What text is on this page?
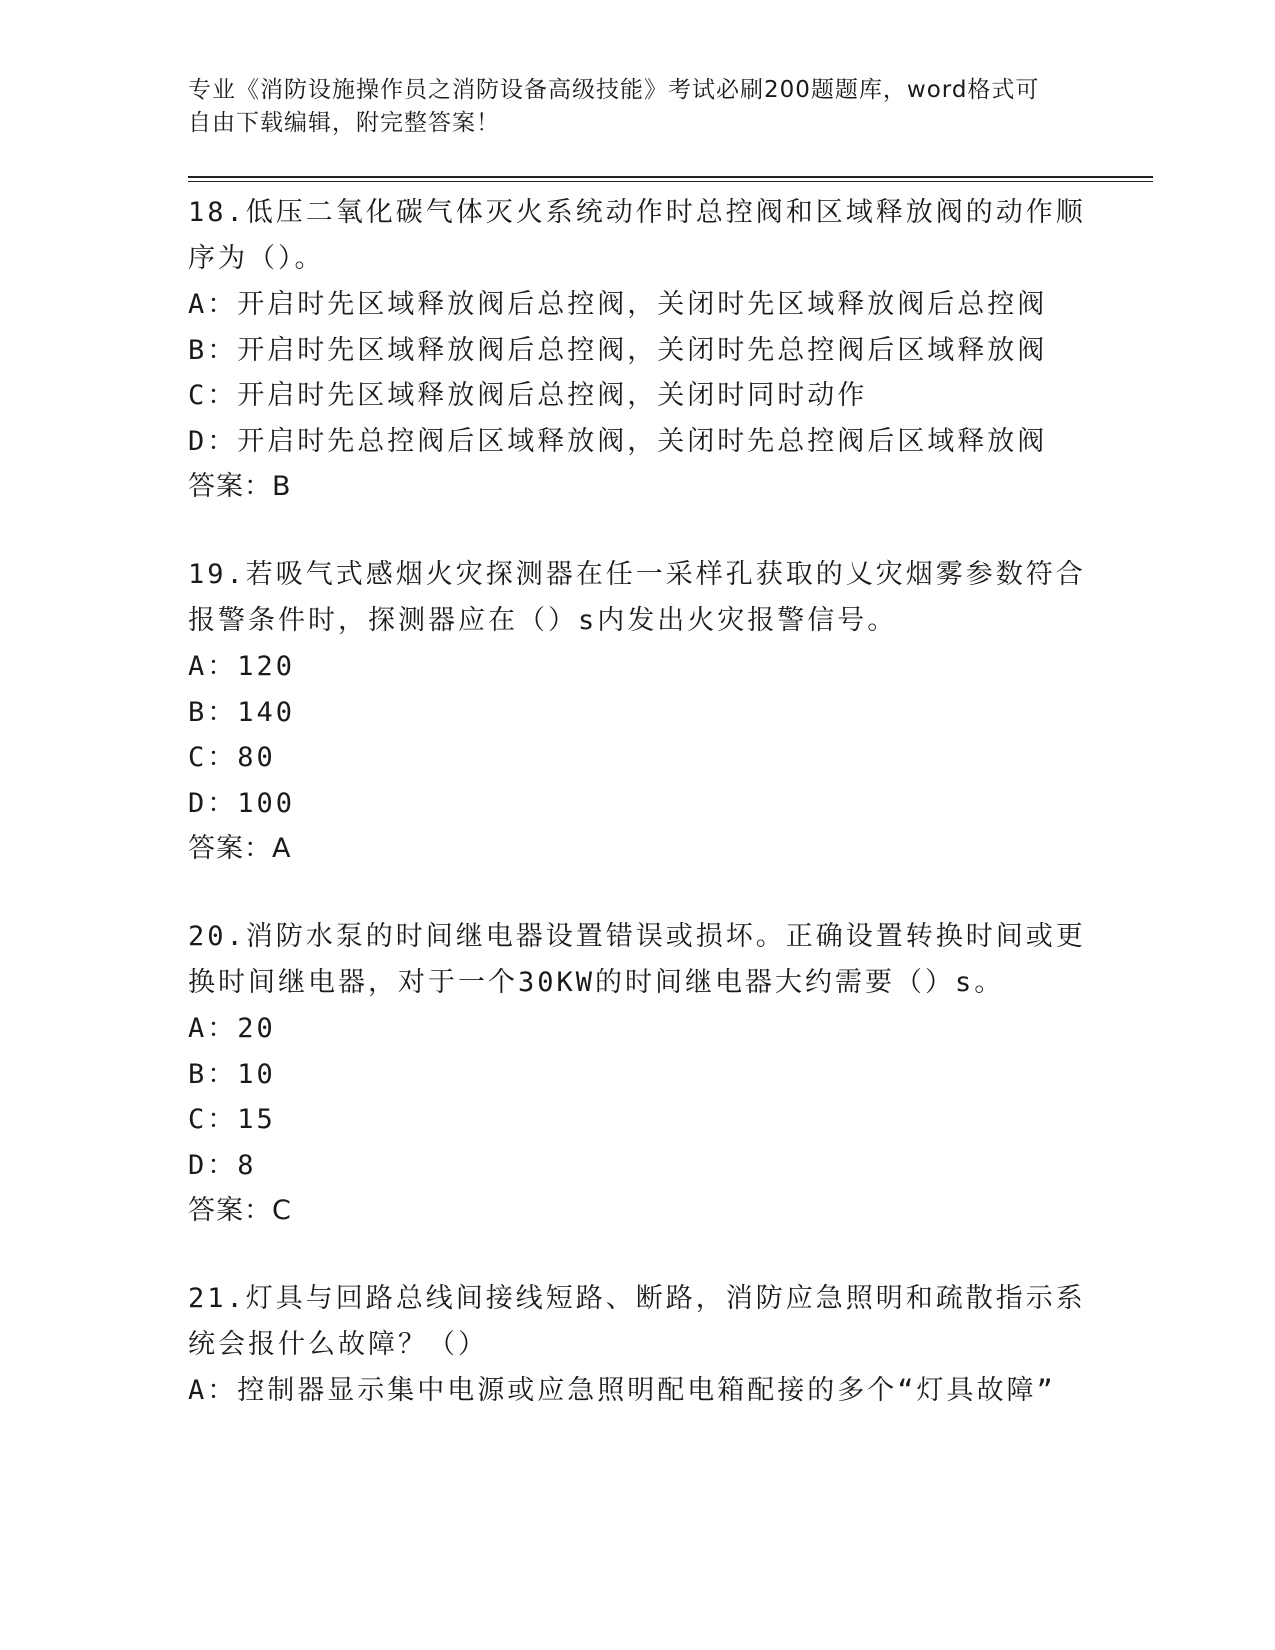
专业《消防设施操作员之消防设备高级技能》考试必刷200题题库，word格式可
自由下载编辑，附完整答案！

18.低压二氧化碳气体灭火系统动作时总控阀和区域释放阀的动作顺序为（）。

A：开启时先区域释放阀后总控阀，关闭时先区域释放阀后总控阀

B：开启时先区域释放阀后总控阀，关闭时先总控阀后区域释放阀

C：开启时先区域释放阀后总控阀，关闭时同时动作

D：开启时先总控阀后区域释放阀，关闭时先总控阀后区域释放阀

答案：B

19.若吸气式感烟火灾探测器在任一采样孔获取的乂灾烟雾参数符合报警条件时，探测器应在（）s内发出火灾报警信号。

A：120

B：140

C：80

D：100

答案：A

20.消防水泵的时间继电器设置错误或损坏。正确设置转换时间或更换时间继电器，对于一个30KW的时间继电器大约需要（）s。

A：20

B：10

C：15

D：8

答案：C

21.灯具与回路总线间接线短路、断路，消防应急照明和疏散指示系统会报什么故障？（）

A：控制器显示集中电源或应急照明配电箱配接的多个“灯具故障”
